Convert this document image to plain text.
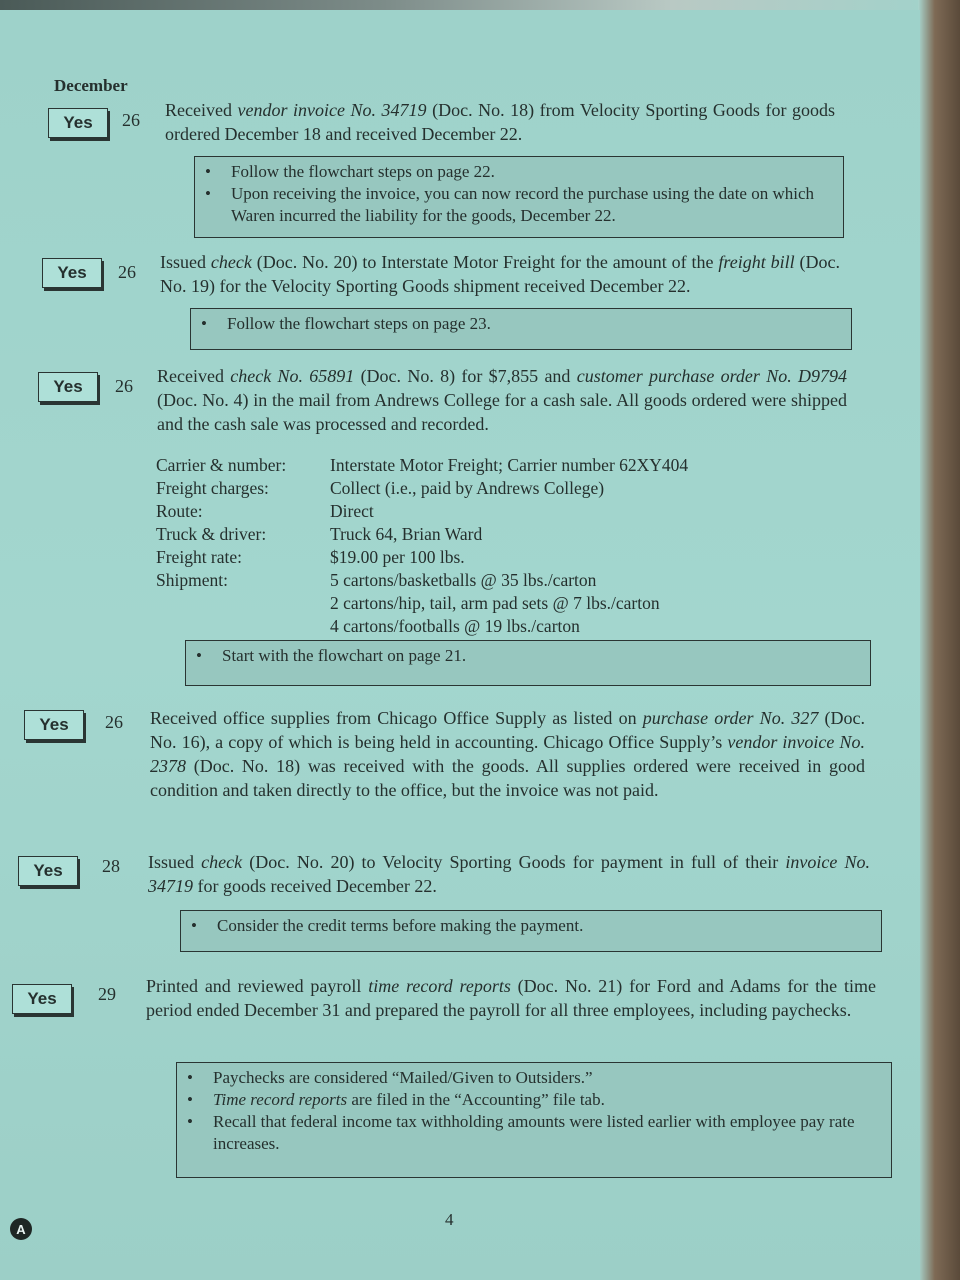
December
Yes	26 Received vendor invoice No. 34719 (Doc. No. 18) from Velocity Sporting Goods for goods ordered December 18 and received December 22.
• Follow the flowchart steps on page 22.
• Upon receiving the invoice, you can now record the purchase using the date on which Waren incurred the liability for the goods, December 22.
Yes	26 Issued check (Doc. No. 20) to Interstate Motor Freight for the amount of the freight bill (Doc. No. 19) for the Velocity Sporting Goods shipment received December 22.
• Follow the flowchart steps on page 23.
Yes	26 Received check No. 65891 (Doc. No. 8) for $7,855 and customer purchase order No. D9794 (Doc. No. 4) in the mail from Andrews College for a cash sale. All goods ordered were shipped and the cash sale was processed and recorded.
Carrier & number:	Interstate Motor Freight; Carrier number 62XY404
Freight charges:	Collect (i.e., paid by Andrews College)
Route:	Direct
Truck & driver:	Truck 64, Brian Ward
Freight rate:	$19.00 per 100 lbs.
Shipment:	5 cartons/basketballs @ 35 lbs./carton
2 cartons/hip, tail, arm pad sets @ 7 lbs./carton
4 cartons/footballs @ 19 lbs./carton
• Start with the flowchart on page 21.
Yes	26 Received office supplies from Chicago Office Supply as listed on purchase order No. 327 (Doc. No. 16), a copy of which is being held in accounting. Chicago Office Supply’s vendor invoice No. 2378 (Doc. No. 18) was received with the goods. All supplies ordered were received in good condition and taken directly to the office, but the invoice was not paid.
Yes	28 Issued check (Doc. No. 20) to Velocity Sporting Goods for payment in full of their invoice No. 34719 for goods received December 22.
• Consider the credit terms before making the payment.
Yes	29 Printed and reviewed payroll time record reports (Doc. No. 21) for Ford and Adams for the time period ended December 31 and prepared the payroll for all three employees, including paychecks.
• Paychecks are considered “Mailed/Given to Outsiders.”
• Time record reports are filed in the “Accounting” file tab.
• Recall that federal income tax withholding amounts were listed earlier with employee pay rate increases.
4
A
